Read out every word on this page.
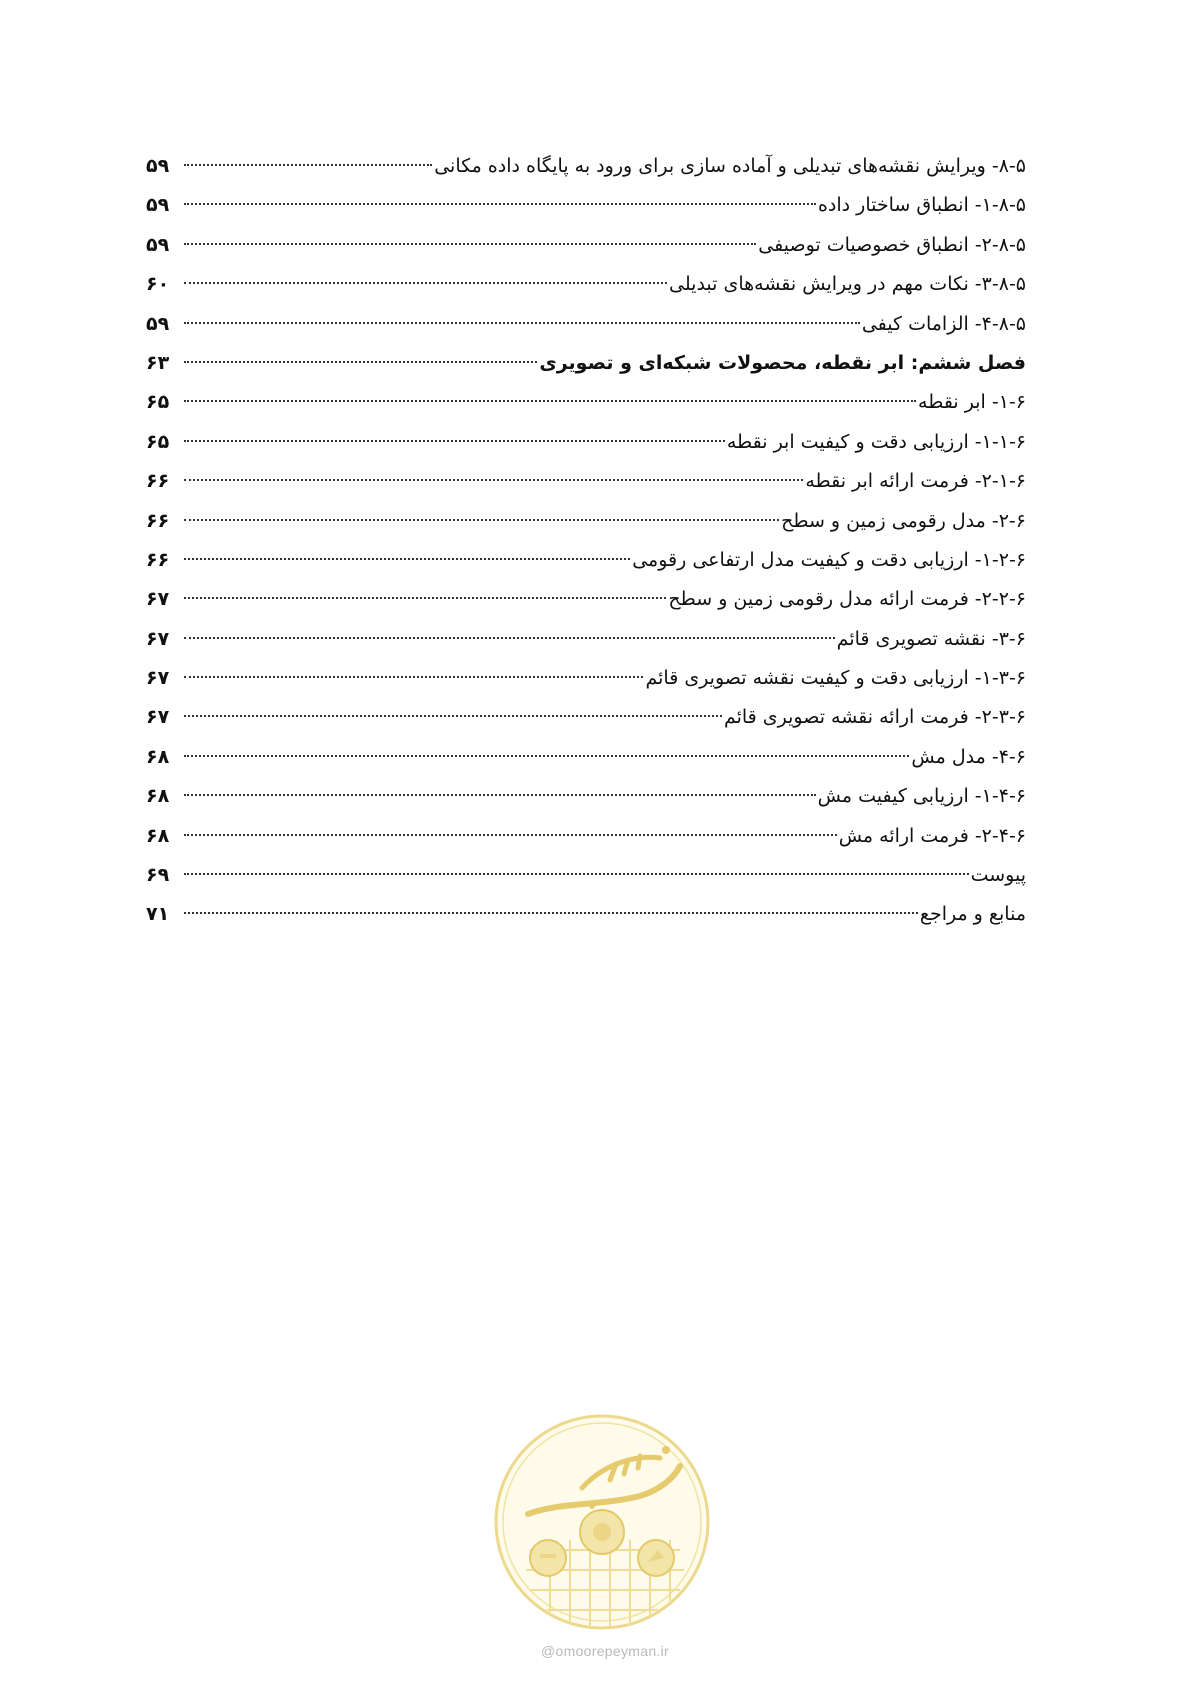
۸-۵- ویرایش نقشه‌های تبدیلی و آماده سازی برای ورود به پایگاه داده مکانی
۵۹
۱-۸-۵- انطباق ساختار داده
۵۹
۲-۸-۵- انطباق خصوصیات توصیفی
۵۹
۳-۸-۵- نکات مهم در ویرایش نقشه‌های تبدیلی
۶۰
۴-۸-۵- الزامات کیفی
۵۹
فصل ششم: ابر نقطه، محصولات شبکه‌ای و تصویری
۶۳
۱-۶- ابر نقطه
۶۵
۱-۱-۶- ارزیابی دقت و کیفیت ابر نقطه
۶۵
۲-۱-۶- فرمت ارائه ابر نقطه
۶۶
۲-۶- مدل رقومی زمین و سطح
۶۶
۱-۲-۶- ارزیابی دقت و کیفیت مدل ارتفاعی رقومی
۶۶
۲-۲-۶- فرمت ارائه مدل رقومی زمین و سطح
۶۷
۳-۶- نقشه تصویری قائم
۶۷
۱-۳-۶- ارزیابی دقت و کیفیت نقشه تصویری قائم
۶۷
۲-۳-۶- فرمت ارائه نقشه تصویری قائم
۶۷
۴-۶- مدل مش
۶۸
۱-۴-۶- ارزیابی کیفیت مش
۶۸
۲-۴-۶- فرمت ارائه مش
۶۸
پیوست
۶۹
منابع و مراجع
۷۱
@omoorepeyman.ir
